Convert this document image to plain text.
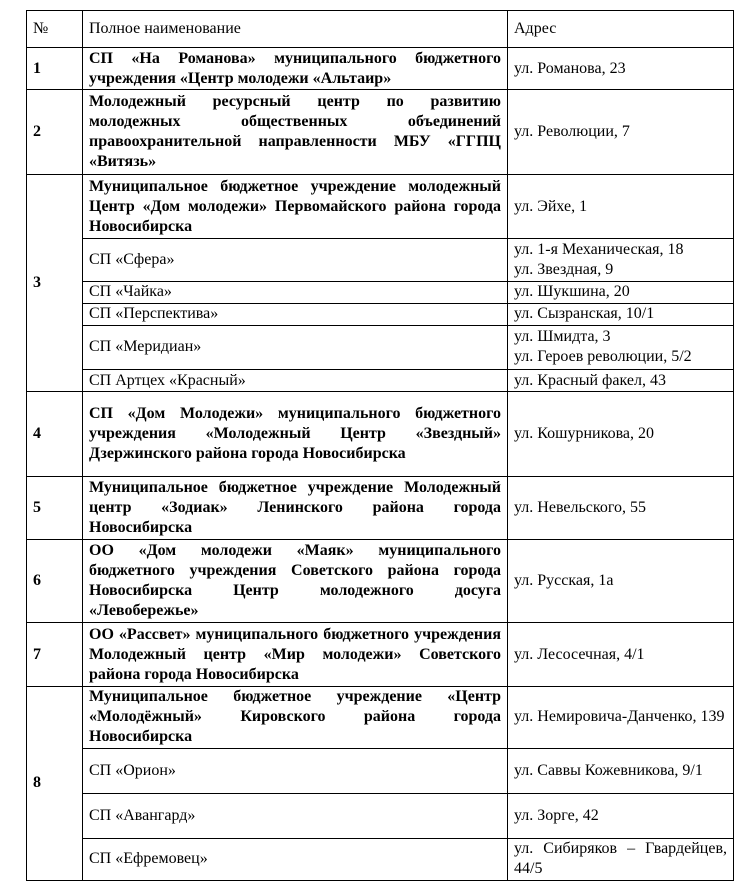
№	Полное наименование	Адрес
1	СП «На Романова» муниципального бюджетного учреждения «Центр молодежи «Альтаир»	ул. Романова, 23
2	Молодежный ресурсный центр по развитию молодежных общественных объединений правоохранительной направленности МБУ «ГГПЦ «Витязь»	ул. Революции, 7
3	Муниципальное бюджетное учреждение молодежный Центр «Дом молодежи» Первомайского района города Новосибирска	ул. Эйхе, 1
	СП «Сфера»	ул. 1-я Механическая, 18
ул. Звездная, 9

	СП «Чайка»	ул. Шукшина, 20
	СП «Перспектива»	ул. Сызранская, 10/1
	СП «Меридиан»	ул. Шмидта, 3
ул. Героев революции, 5/2

	СП Артцех «Красный»	ул. Красный факел, 43
4	СП «Дом Молодежи» муниципального бюджетного учреждения «Молодежный Центр «Звездный» Дзержинского района города Новосибирска	ул. Кошурникова, 20
5	Муниципальное бюджетное учреждение Молодежный центр «Зодиак» Ленинского района города Новосибирска	ул. Невельского, 55
6	ОО «Дом молодежи «Маяк» муниципального бюджетного учреждения Советского района города Новосибирска Центр молодежного досуга «Левобережье»	ул. Русская, 1а
7	ОО «Рассвет» муниципального бюджетного учреждения Молодежный центр «Мир молодежи» Советского района города Новосибирска	ул. Лесосечная, 4/1
8	Муниципальное бюджетное учреждение «Центр «Молодёжный» Кировского района города Новосибирска	ул. Немировича-Данченко, 139
	СП «Орион»	ул. Саввы Кожевникова, 9/1
	СП «Авангард»	ул. Зорге, 42
	СП «Ефремовец»	ул. Сибиряков – Гвардейцев, 44/5
